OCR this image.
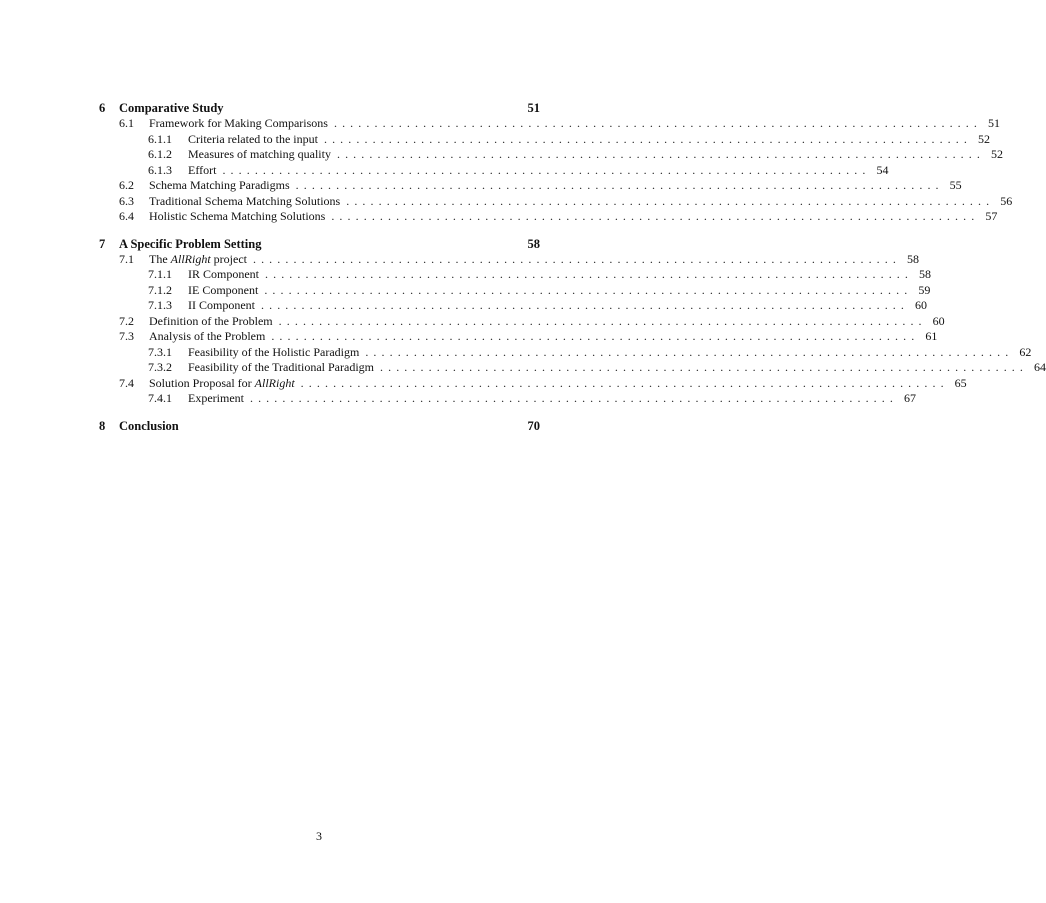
6	Comparative Study	51
6.1	Framework for Making Comparisons ................................................................................ 51
6.1.1	Criteria related to the input ................................................................................ 52
6.1.2	Measures of matching quality ................................................................................ 52
6.1.3	Effort ................................................................................ 54
6.2	Schema Matching Paradigms ................................................................................ 55
6.3	Traditional Schema Matching Solutions ................................................................................ 56
6.4	Holistic Schema Matching Solutions ................................................................................ 57
7	A Specific Problem Setting	58
7.1	The AllRight project ................................................................................ 58
7.1.1	IR Component ................................................................................ 58
7.1.2	IE Component ................................................................................ 59
7.1.3	II Component ................................................................................ 60
7.2	Definition of the Problem ................................................................................ 60
7.3	Analysis of the Problem ................................................................................ 61
7.3.1	Feasibility of the Holistic Paradigm ................................................................................ 62
7.3.2	Feasibility of the Traditional Paradigm ................................................................................ 64
7.4	Solution Proposal for AllRight ................................................................................ 65
7.4.1	Experiment ................................................................................ 67
8	Conclusion	70
3
